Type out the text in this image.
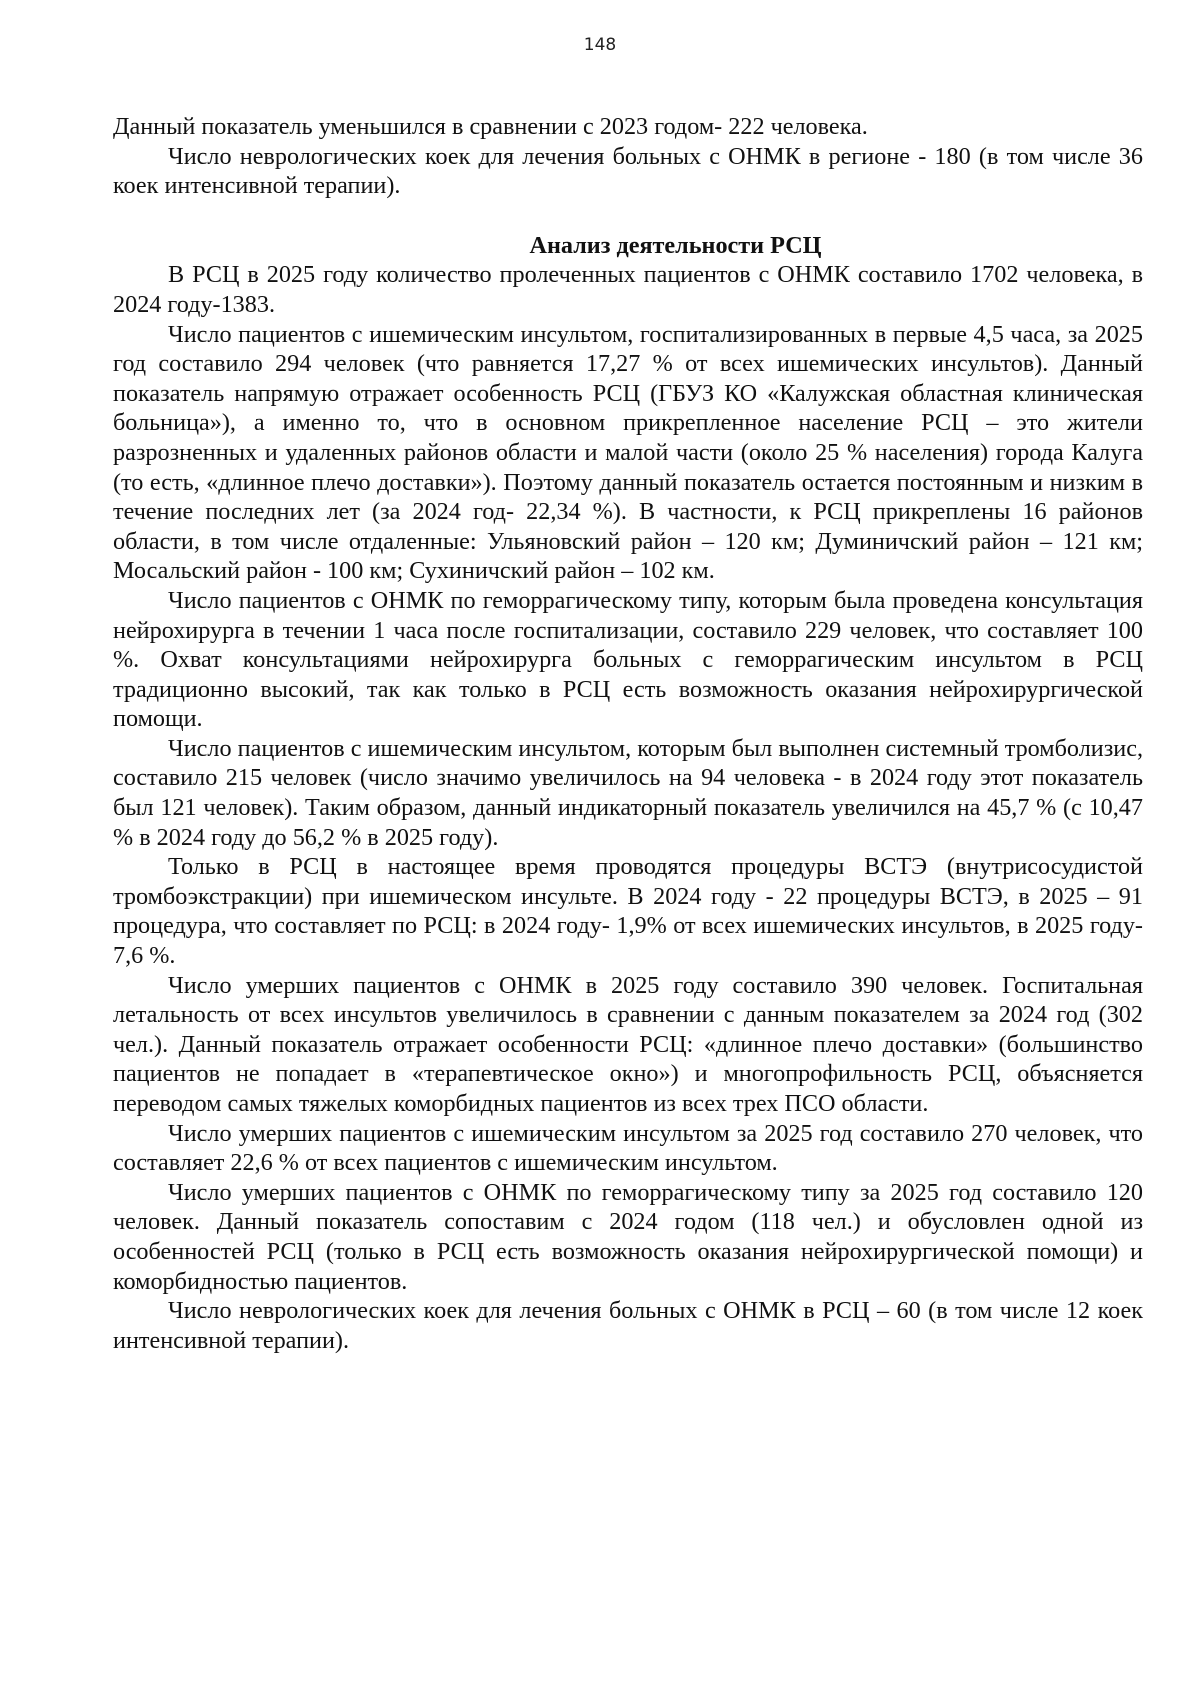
148

Данный показатель уменьшился в сравнении с 2023 годом- 222 человека.

Число неврологических коек для лечения больных с ОНМК в регионе - 180 (в том числе 36 коек интенсивной терапии).

Анализ деятельности РСЦ

В РСЦ в 2025 году количество пролеченных пациентов с ОНМК составило 1702 человека, в 2024 году-1383.

Число пациентов с ишемическим инсультом, госпитализированных в первые 4,5 часа, за 2025 год составило 294 человек (что равняется 17,27 % от всех ишемических инсультов). Данный показатель напрямую отражает особенность РСЦ (ГБУЗ КО «Калужская областная клиническая больница»), а именно то, что в основном прикрепленное население РСЦ – это жители разрозненных и удаленных районов области и малой части (около 25 % населения) города Калуга (то есть, «длинное плечо доставки»). Поэтому данный показатель остается постоянным и низким в течение последних лет (за 2024 год- 22,34 %). В частности, к РСЦ прикреплены 16 районов области, в том числе отдаленные: Ульяновский район – 120 км; Думиничский район – 121 км; Мосальский район - 100 км; Сухиничский район – 102 км.

Число пациентов с ОНМК по геморрагическому типу, которым была проведена консультация нейрохирурга в течении 1 часа после госпитализации, составило 229 человек, что составляет 100 %. Охват консультациями нейрохирурга больных с геморрагическим инсультом в РСЦ традиционно высокий, так как только в РСЦ есть возможность оказания нейрохирургической помощи.

Число пациентов с ишемическим инсультом, которым был выполнен системный тромболизис, составило 215 человек (число значимо увеличилось на 94 человека - в 2024 году этот показатель был 121 человек). Таким образом, данный индикаторный показатель увеличился на 45,7 % (с 10,47 % в 2024 году до 56,2 % в 2025 году).

Только в РСЦ в настоящее время проводятся процедуры ВСТЭ (внутрисосудистой тромбоэкстракции) при ишемическом инсульте. В 2024 году - 22 процедуры ВСТЭ, в 2025 – 91 процедура, что составляет по РСЦ: в 2024 году- 1,9% от всех ишемических инсультов, в 2025 году- 7,6 %.

Число умерших пациентов с ОНМК в 2025 году составило 390 человек. Госпитальная летальность от всех инсультов увеличилось в сравнении с данным показателем за 2024 год (302 чел.). Данный показатель отражает особенности РСЦ: «длинное плечо доставки» (большинство пациентов не попадает в «терапевтическое окно») и многопрофильность РСЦ, объясняется переводом самых тяжелых коморбидных пациентов из всех трех ПСО области.

Число умерших пациентов с ишемическим инсультом за 2025 год составило 270 человек, что составляет 22,6 % от всех пациентов с ишемическим инсультом.

Число умерших пациентов с ОНМК по геморрагическому типу за 2025 год составило 120 человек. Данный показатель сопоставим с 2024 годом (118 чел.) и обусловлен одной из особенностей РСЦ (только в РСЦ есть возможность оказания нейрохирургической помощи) и коморбидностью пациентов.

Число неврологических коек для лечения больных с ОНМК в РСЦ – 60 (в том числе 12 коек интенсивной терапии).
